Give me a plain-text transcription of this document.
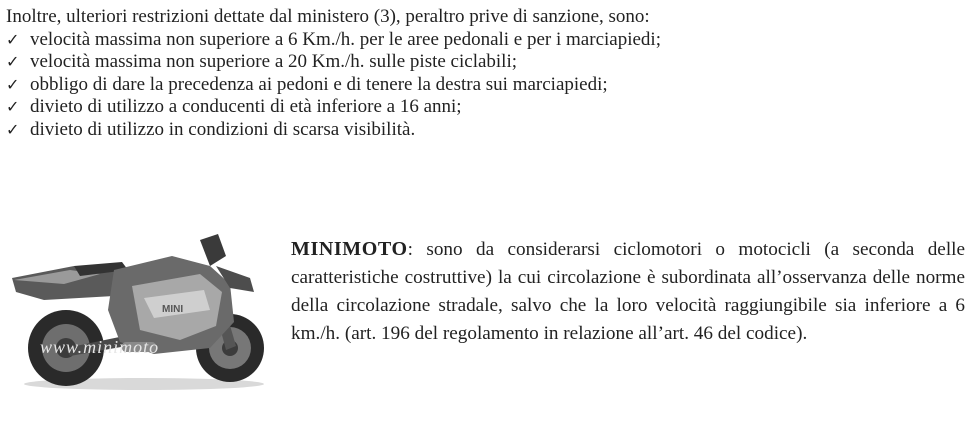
Inoltre, ulteriori restrizioni dettate dal ministero (3), peraltro prive di sanzione, sono:
✓ velocità massima non superiore a 6 Km./h. per le aree pedonali e per i marciapiedi;
✓ velocità massima non superiore a 20 Km./h. sulle piste ciclabili;
✓ obbligo di dare la precedenza ai pedoni e di tenere la destra sui marciapiedi;
✓ divieto di utilizzo a conducenti di età inferiore a 16 anni;
✓ divieto di utilizzo in condizioni di scarsa visibilità.
MINI
www.minimoto

MINIMOTO: sono da considerarsi ciclomotori o motocicli (a seconda delle caratteristiche costruttive) la cui circolazione è subordinata all’osservanza delle norme della circolazione stradale, salvo che la loro velocità raggiungibile sia inferiore a 6 km./h. (art. 196 del regolamento in relazione all’art. 46 del codice).
